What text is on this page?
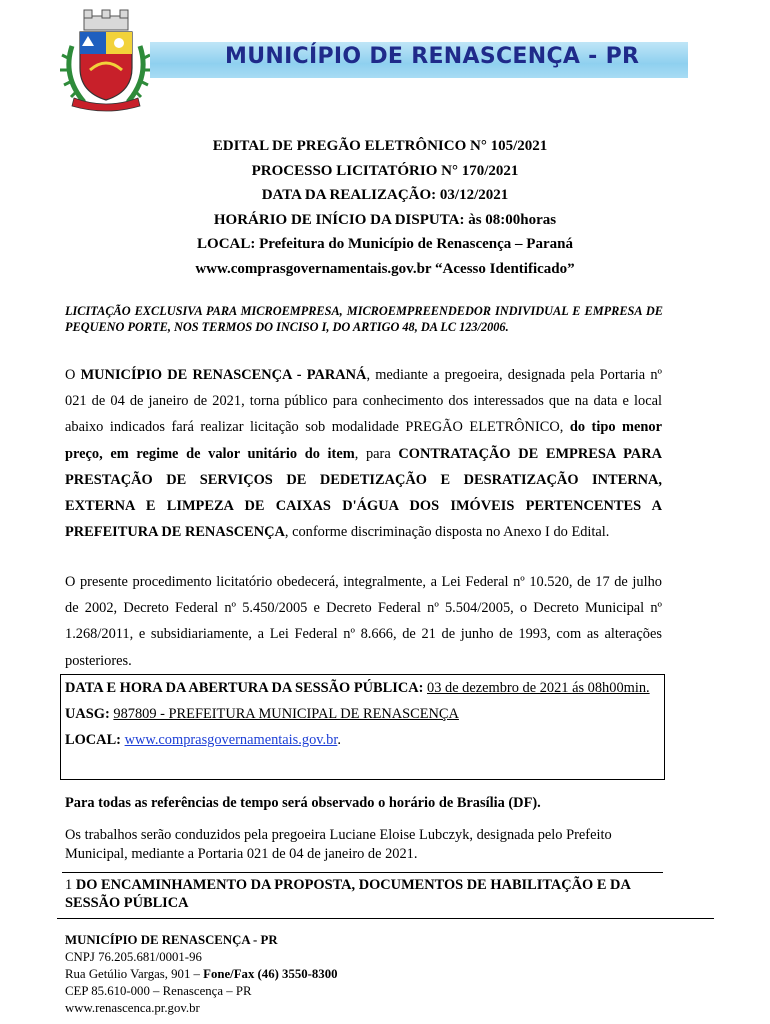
MUNICÍPIO DE RENASCENÇA - PR
EDITAL DE PREGÃO ELETRÔNICO N° 105/2021
PROCESSO LICITATÓRIO N° 170/2021
DATA DA REALIZAÇÃO: 03/12/2021
HORÁRIO DE INÍCIO DA DISPUTA: às 08:00horas
LOCAL: Prefeitura do Município de Renascença – Paraná
www.comprasgovernamentais.gov.br “Acesso Identificado”
LICITAÇÃO EXCLUSIVA PARA MICROEMPRESA, MICROEMPREENDEDOR INDIVIDUAL E EMPRESA DE PEQUENO PORTE, NOS TERMOS DO INCISO I, DO ARTIGO 48, DA LC 123/2006.
O MUNICÍPIO DE RENASCENÇA - PARANÁ, mediante a pregoeira, designada pela Portaria nº 021 de 04 de janeiro de 2021, torna público para conhecimento dos interessados que na data e local abaixo indicados fará realizar licitação sob modalidade PREGÃO ELETRÔNICO, do tipo menor preço, em regime de valor unitário do item, para CONTRATAÇÃO DE EMPRESA PARA PRESTAÇÃO DE SERVIÇOS DE DEDETIZAÇÃO E DESRATIZAÇÃO INTERNA, EXTERNA E LIMPEZA DE CAIXAS D'ÁGUA DOS IMÓVEIS PERTENCENTES A PREFEITURA DE RENASCENÇA, conforme discriminação disposta no Anexo I do Edital.
O presente procedimento licitatório obedecerá, integralmente, a Lei Federal nº 10.520, de 17 de julho de 2002, Decreto Federal nº 5.450/2005 e Decreto Federal nº 5.504/2005, o Decreto Municipal nº 1.268/2011, e subsidiariamente, a Lei Federal nº 8.666, de 21 de junho de 1993, com as alterações posteriores.
DATA E HORA DA ABERTURA DA SESSÃO PÚBLICA: 03 de dezembro de 2021 ás 08h00min.
UASG: 987809 - PREFEITURA MUNICIPAL DE RENASCENÇA
LOCAL: www.comprasgovernamentais.gov.br.
Para todas as referências de tempo será observado o horário de Brasília (DF).
Os trabalhos serão conduzidos pela pregoeira Luciane Eloise Lubczyk, designada pelo Prefeito Municipal, mediante a Portaria 021 de 04 de janeiro de 2021.
1 DO ENCAMINHAMENTO DA PROPOSTA, DOCUMENTOS DE HABILITAÇÃO E DA SESSÃO PÚBLICA
MUNICÍPIO DE RENASCENÇA - PR
CNPJ 76.205.681/0001-96
Rua Getúlio Vargas, 901 – Fone/Fax (46) 3550-8300
CEP 85.610-000 – Renascença – PR
www.renascenca.pr.gov.br
